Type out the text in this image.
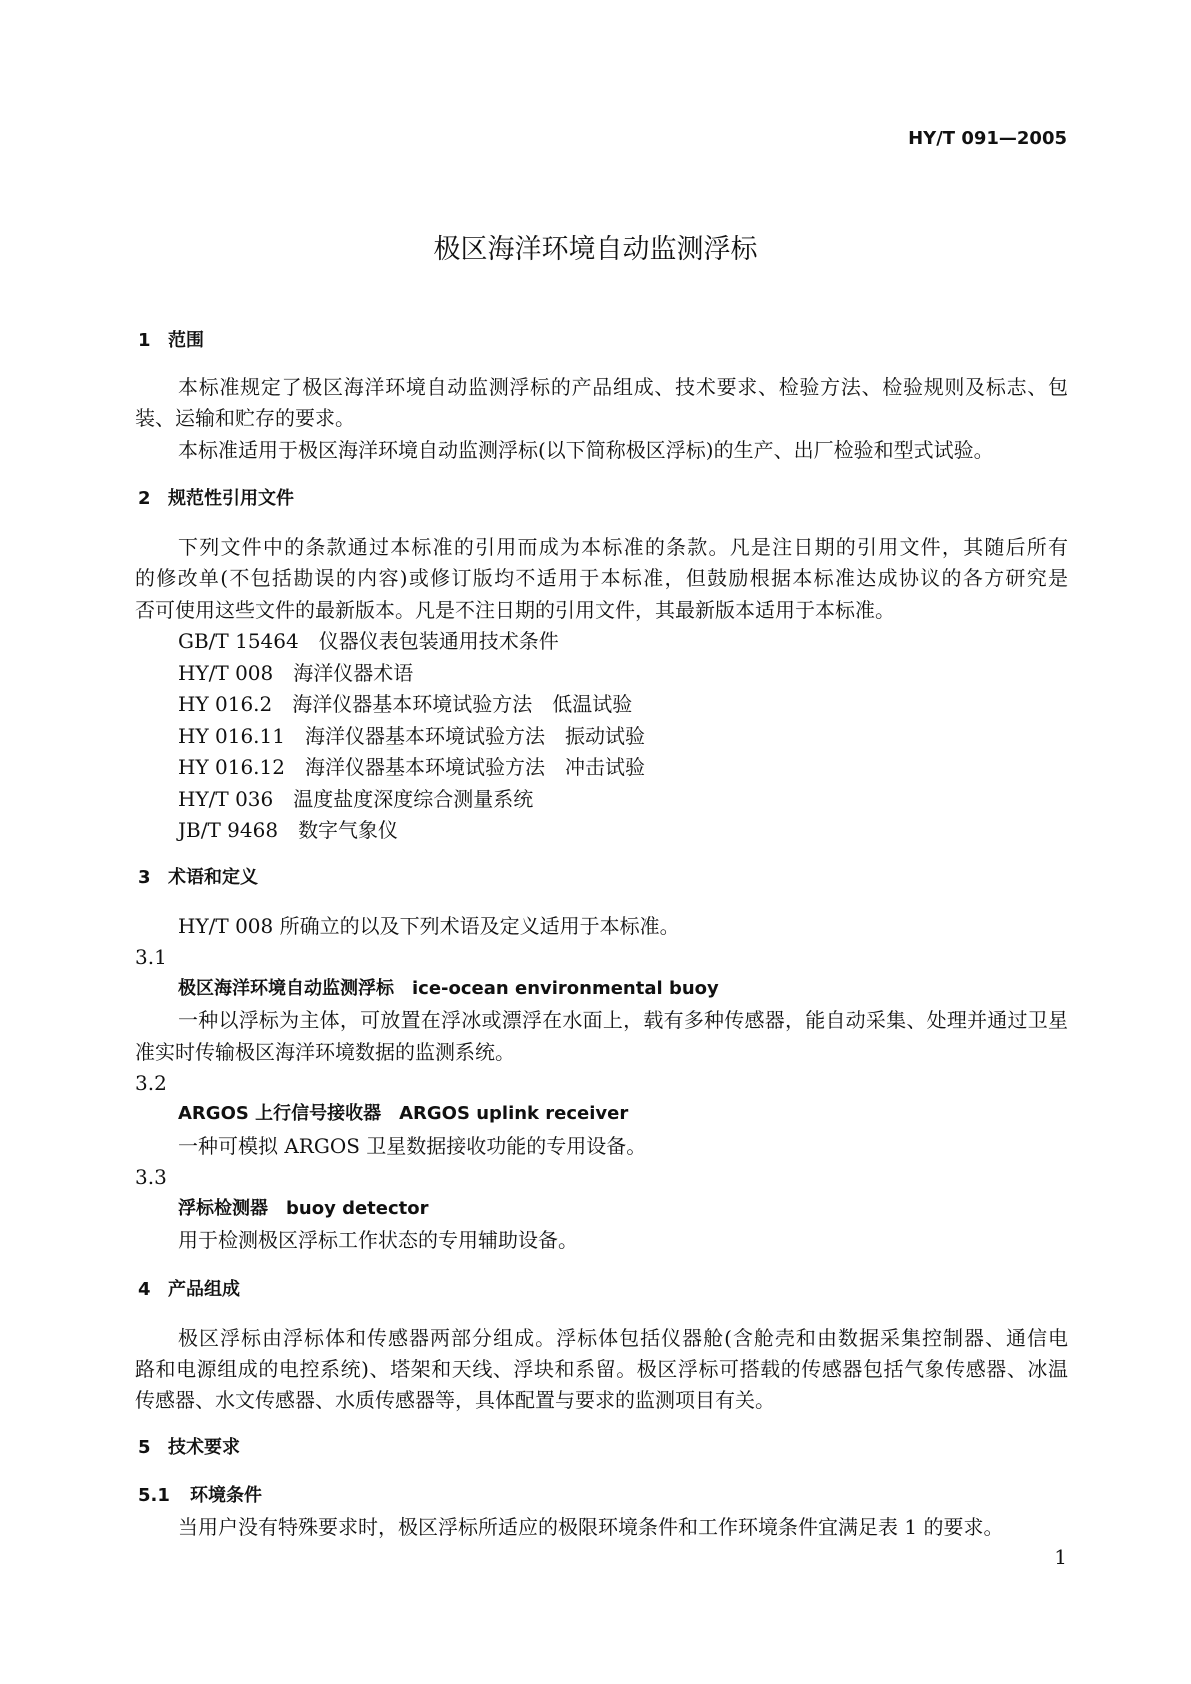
HY/T 091—2005
极区海洋环境自动监测浮标
1 范围
本标准规定了极区海洋环境自动监测浮标的产品组成、技术要求、检验方法、检验规则及标志、包
装、运输和贮存的要求。
本标准适用于极区海洋环境自动监测浮标(以下简称极区浮标)的生产、出厂检验和型式试验。
2 规范性引用文件
下列文件中的条款通过本标准的引用而成为本标准的条款。凡是注日期的引用文件，其随后所有
的修改单(不包括勘误的内容)或修订版均不适用于本标准，但鼓励根据本标准达成协议的各方研究是
否可使用这些文件的最新版本。凡是不注日期的引用文件，其最新版本适用于本标准。
GB/T 15464 仪器仪表包装通用技术条件
HY/T 008 海洋仪器术语
HY 016.2 海洋仪器基本环境试验方法　低温试验
HY 016.11 海洋仪器基本环境试验方法　振动试验
HY 016.12 海洋仪器基本环境试验方法　冲击试验
HY/T 036 温度盐度深度综合测量系统
JB/T 9468 数字气象仪
3 术语和定义
HY/T 008 所确立的以及下列术语及定义适用于本标准。
3.1
极区海洋环境自动监测浮标　ice-ocean environmental buoy
一种以浮标为主体，可放置在浮冰或漂浮在水面上，载有多种传感器，能自动采集、处理并通过卫星
准实时传输极区海洋环境数据的监测系统。
3.2
ARGOS 上行信号接收器　ARGOS uplink receiver
一种可模拟 ARGOS 卫星数据接收功能的专用设备。
3.3
浮标检测器　buoy detector
用于检测极区浮标工作状态的专用辅助设备。
4 产品组成
极区浮标由浮标体和传感器两部分组成。浮标体包括仪器舱(含舱壳和由数据采集控制器、通信电
路和电源组成的电控系统)、塔架和天线、浮块和系留。极区浮标可搭载的传感器包括气象传感器、冰温
传感器、水文传感器、水质传感器等，具体配置与要求的监测项目有关。
5 技术要求
5.1 环境条件
当用户没有特殊要求时，极区浮标所适应的极限环境条件和工作环境条件宜满足表 1 的要求。
1
